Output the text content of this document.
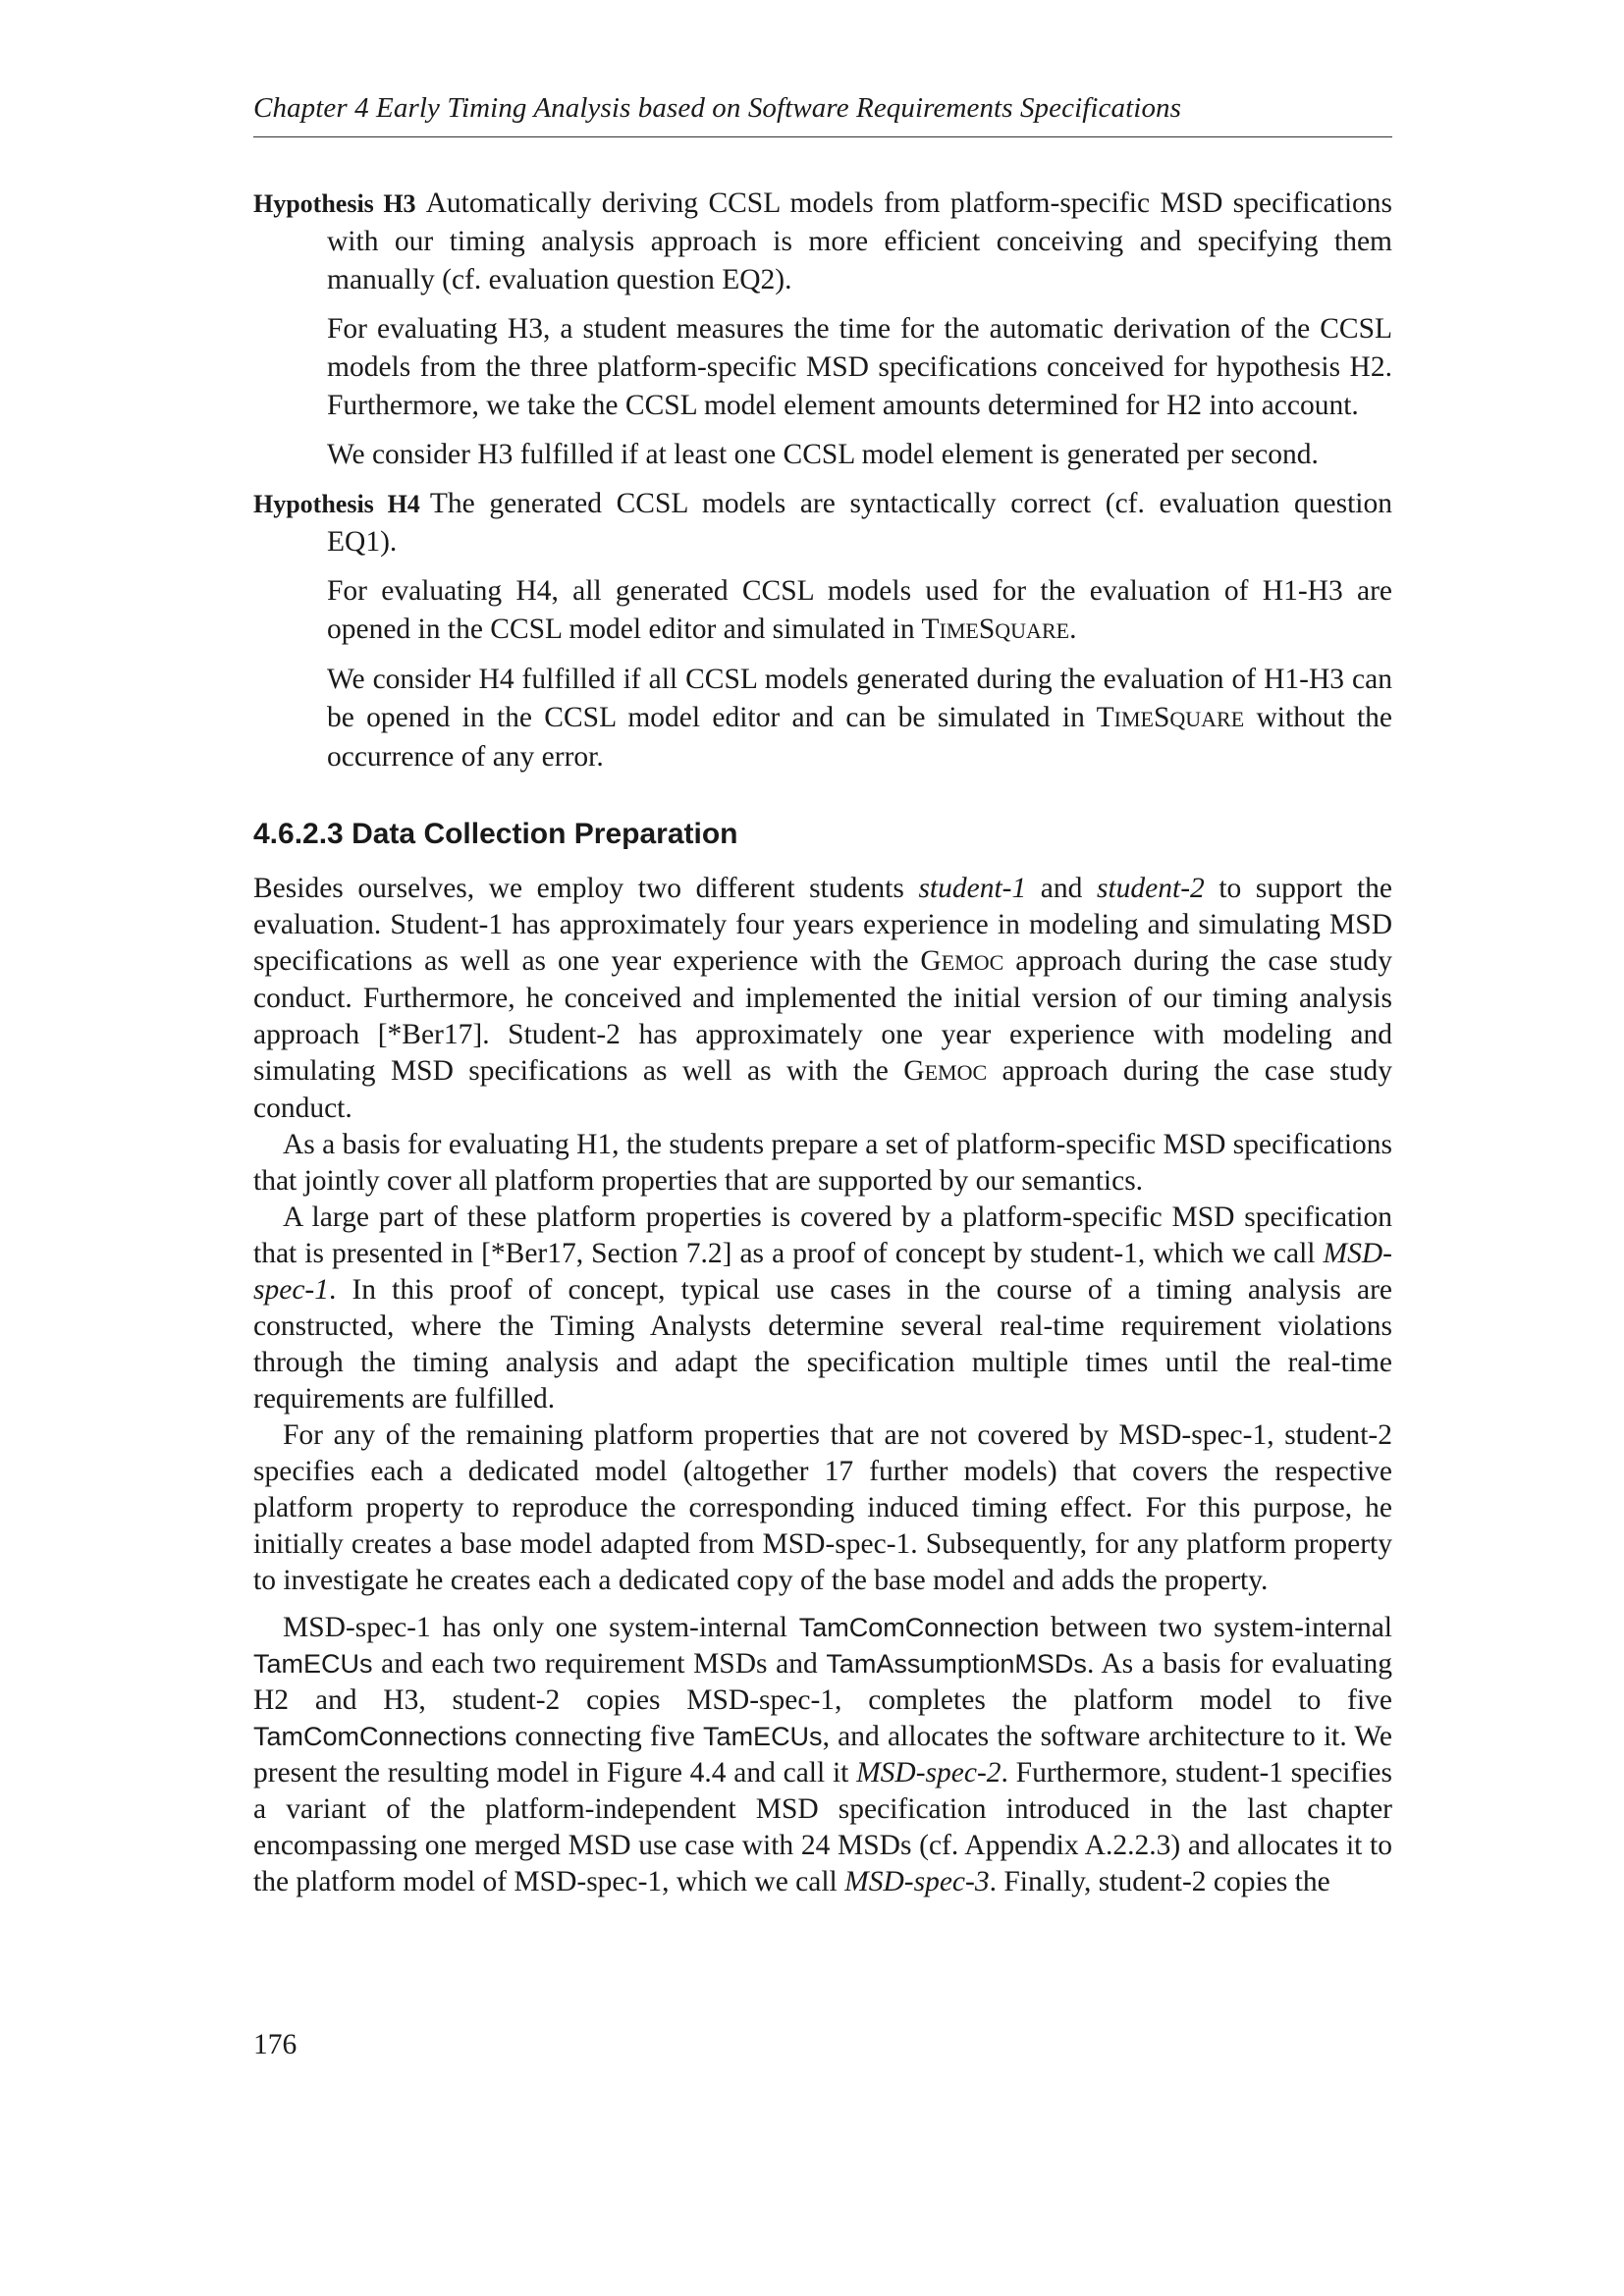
Chapter 4 Early Timing Analysis based on Software Requirements Specifications

Hypothesis H3 Automatically deriving CCSL models from platform-specific MSD specifications with our timing analysis approach is more efficient conceiving and specifying them manually (cf. evaluation question EQ2).

For evaluating H3, a student measures the time for the automatic derivation of the CCSL models from the three platform-specific MSD specifications conceived for hypothesis H2. Furthermore, we take the CCSL model element amounts determined for H2 into account.

We consider H3 fulfilled if at least one CCSL model element is generated per second.

Hypothesis H4 The generated CCSL models are syntactically correct (cf. evaluation question EQ1).

For evaluating H4, all generated CCSL models used for the evaluation of H1-H3 are opened in the CCSL model editor and simulated in TIMESQUARE.

We consider H4 fulfilled if all CCSL models generated during the evaluation of H1-H3 can be opened in the CCSL model editor and can be simulated in TIMESQUARE without the occurrence of any error.

4.6.2.3 Data Collection Preparation

Besides ourselves, we employ two different students student-1 and student-2 to support the evaluation. Student-1 has approximately four years experience in modeling and simulating MSD specifications as well as one year experience with the GEMOC approach during the case study conduct. Furthermore, he conceived and implemented the initial version of our timing analysis approach [*Ber17]. Student-2 has approximately one year experience with modeling and simulating MSD specifications as well as with the GEMOC approach during the case study conduct.

As a basis for evaluating H1, the students prepare a set of platform-specific MSD specifications that jointly cover all platform properties that are supported by our semantics.

A large part of these platform properties is covered by a platform-specific MSD specification that is presented in [*Ber17, Section 7.2] as a proof of concept by student-1, which we call MSD-spec-1. In this proof of concept, typical use cases in the course of a timing analysis are constructed, where the Timing Analysts determine several real-time requirement violations through the timing analysis and adapt the specification multiple times until the real-time requirements are fulfilled.

For any of the remaining platform properties that are not covered by MSD-spec-1, student-2 specifies each a dedicated model (altogether 17 further models) that covers the respective platform property to reproduce the corresponding induced timing effect. For this purpose, he initially creates a base model adapted from MSD-spec-1. Subsequently, for any platform property to investigate he creates each a dedicated copy of the base model and adds the property.

MSD-spec-1 has only one system-internal TamComConnection between two system-internal TamECUs and each two requirement MSDs and TamAssumptionMSDs. As a basis for evaluating H2 and H3, student-2 copies MSD-spec-1, completes the platform model to five TamComConnections connecting five TamECUs, and allocates the software architecture to it. We present the resulting model in Figure 4.4 and call it MSD-spec-2. Furthermore, student-1 specifies a variant of the platform-independent MSD specification introduced in the last chapter encompassing one merged MSD use case with 24 MSDs (cf. Appendix A.2.2.3) and allocates it to the platform model of MSD-spec-1, which we call MSD-spec-3. Finally, student-2 copies the

176
